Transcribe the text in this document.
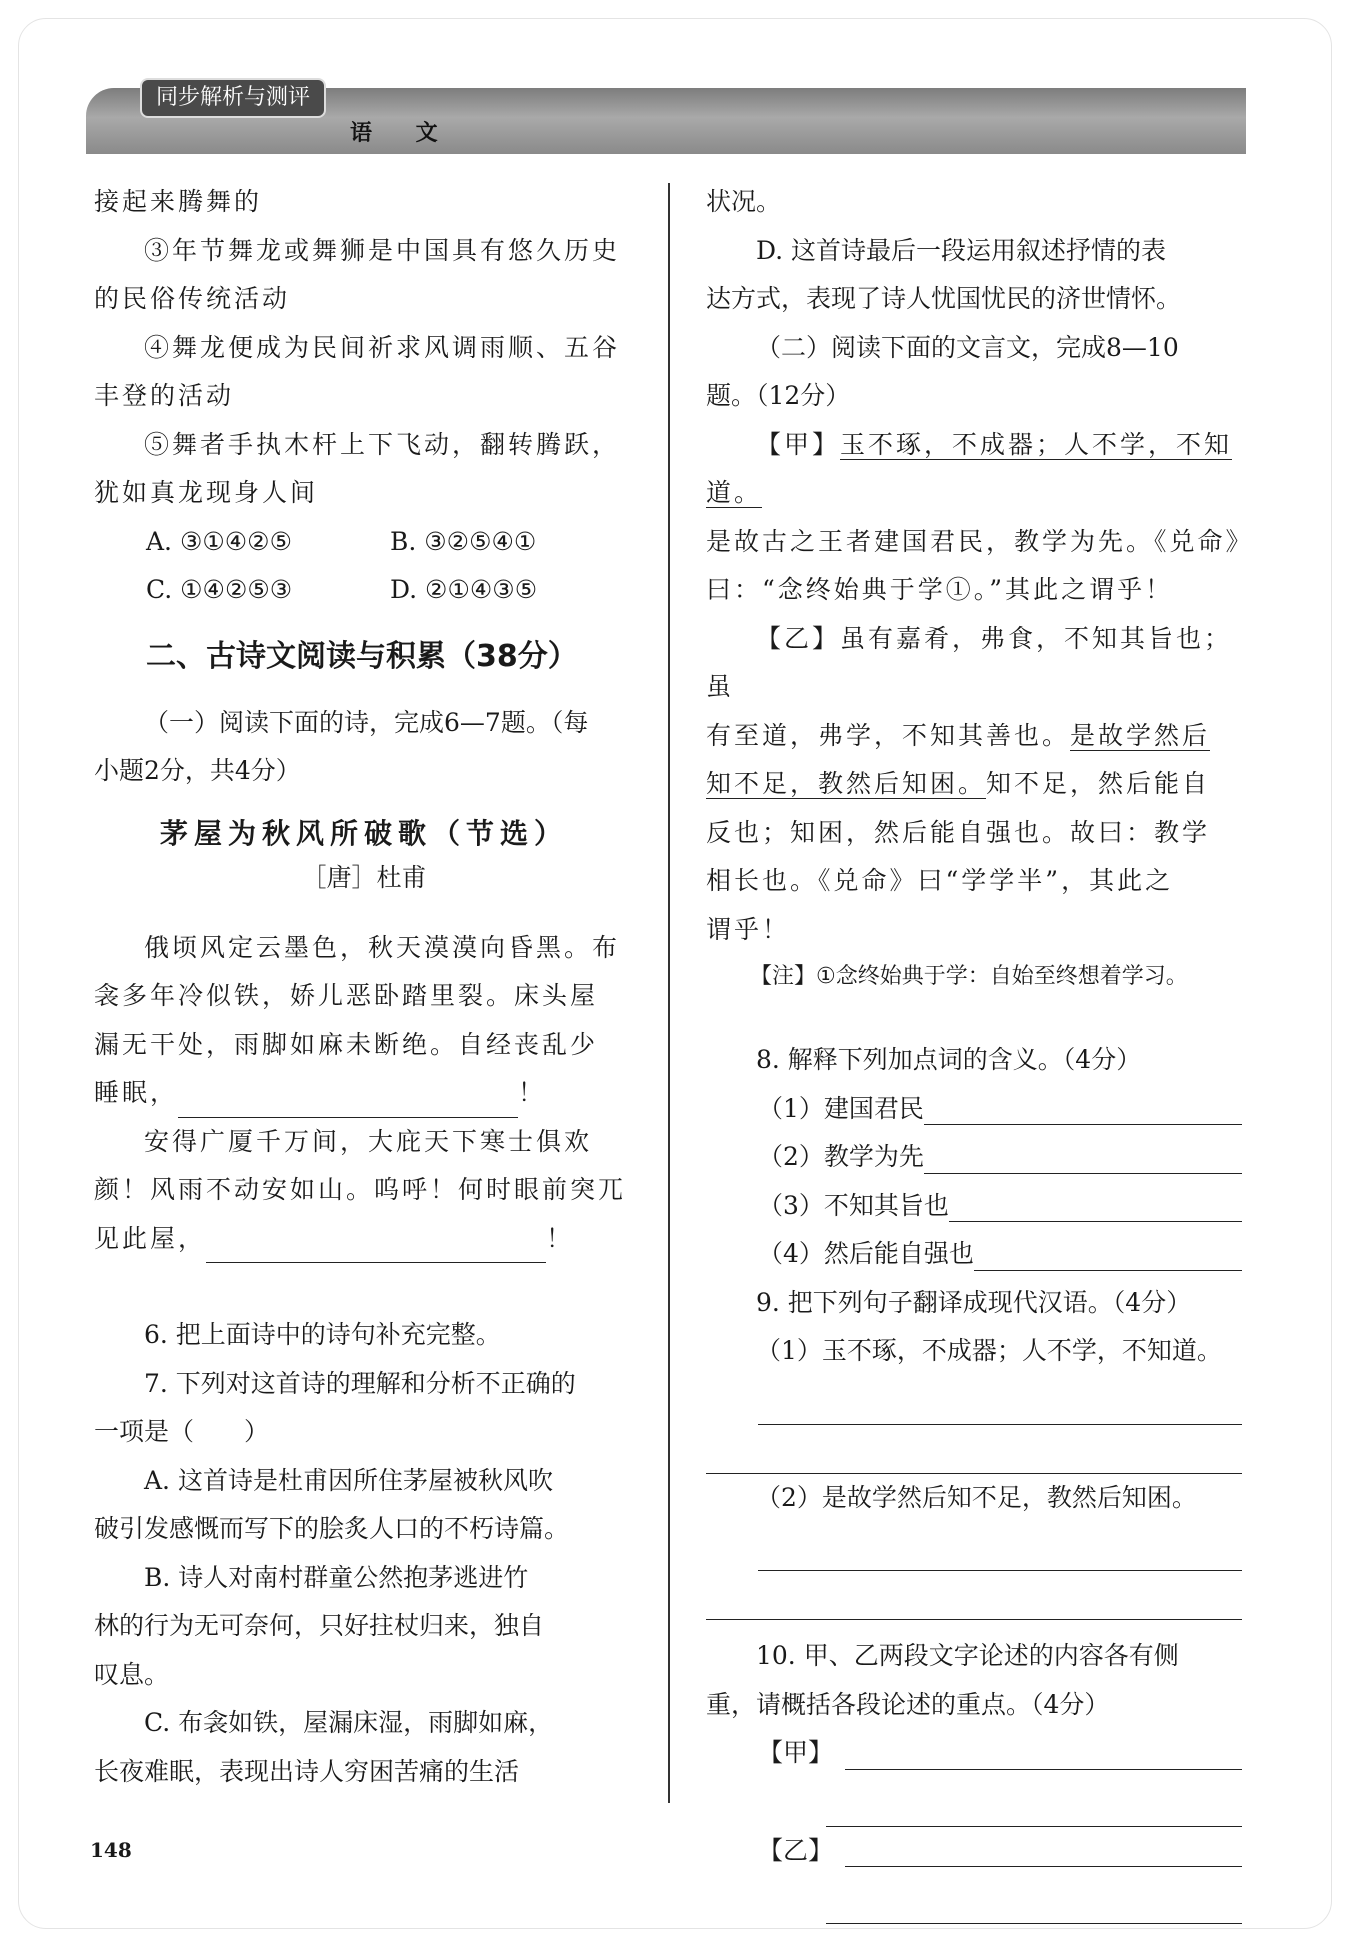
同步解析与测评
语 文

接起来腾舞的

③年节舞龙或舞狮是中国具有悠久历史

的民俗传统活动

④舞龙便成为民间祈求风调雨顺、五谷

丰登的活动

⑤舞者手执木杆上下飞动，翻转腾跃，

犹如真龙现身人间

A. ③①④②⑤	B. ③②⑤④①
C. ①④②⑤③	D. ②①④③⑤
二、古诗文阅读与积累（38分）

（一）阅读下面的诗，完成6—7题。（每

小题2分，共4分）

茅屋为秋风所破歌（节选）
［唐］杜甫

俄顷风定云墨色，秋天漠漠向昏黑。布

衾多年冷似铁，娇儿恶卧踏里裂。床头屋

漏无干处，雨脚如麻未断绝。自经丧乱少

睡眠，	！

安得广厦千万间，大庇天下寒士俱欢

颜！风雨不动安如山。呜呼！何时眼前突兀

见此屋，	！

6. 把上面诗中的诗句补充完整。

7. 下列对这首诗的理解和分析不正确的

一项是（　　）

A. 这首诗是杜甫因所住茅屋被秋风吹

破引发感慨而写下的脍炙人口的不朽诗篇。

B. 诗人对南村群童公然抱茅逃进竹

林的行为无可奈何，只好拄杖归来，独自

叹息。

C. 布衾如铁，屋漏床湿，雨脚如麻，

长夜难眠，表现出诗人穷困苦痛的生活

状况。

D. 这首诗最后一段运用叙述抒情的表

达方式，表现了诗人忧国忧民的济世情怀。

（二）阅读下面的文言文，完成8—10

题。（12分）

【甲】玉不琢，不成器；人不学，不知道。

是故古之王者建国君民，教学为先。《兑命》

曰：“念终始典于学①。”其此之谓乎！

【乙】虽有嘉肴，弗食，不知其旨也；虽

有至道，弗学，不知其善也。是故学然后

知不足，教然后知困。知不足，然后能自

反也；知困，然后能自强也。故曰：教学

相长也。《兑命》曰“学学半”，其此之

谓乎！

【注】①念终始典于学：自始至终想着学习。

8. 解释下列加点词的含义。（4分）

（1）建国君民
（2）教学为先
（3）不知其旨也
（4）然后能自强也

9. 把下列句子翻译成现代汉语。（4分）

（1）玉不琢，不成器；人不学，不知道。

（2）是故学然后知不足，教然后知困。

10. 甲、乙两段文字论述的内容各有侧

重，请概括各段论述的重点。（4分）

【甲】
【乙】
148
